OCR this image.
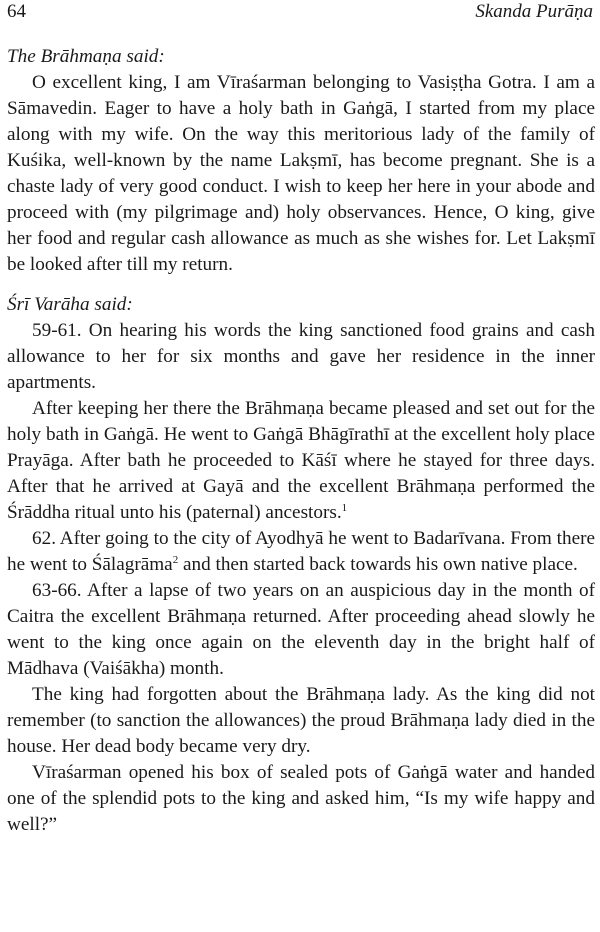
64	Skanda Purāṇa

The Brāhmaṇa said:

O excellent king, I am Vīraśarman belonging to Vasiṣṭha Gotra. I am a Sāmavedin. Eager to have a holy bath in Gaṅgā, I started from my place along with my wife. On the way this meritorious lady of the family of Kuśika, well-known by the name Lakṣmī, has become pregnant. She is a chaste lady of very good conduct. I wish to keep her here in your abode and proceed with (my pilgrimage and) holy observances. Hence, O king, give her food and regular cash allowance as much as she wishes for. Let Lakṣmī be looked after till my return.

Śrī Varāha said:

59-61. On hearing his words the king sanctioned food grains and cash allowance to her for six months and gave her residence in the inner apartments.

After keeping her there the Brāhmaṇa became pleased and set out for the holy bath in Gaṅgā. He went to Gaṅgā Bhāgīrathī at the excellent holy place Prayāga. After bath he proceeded to Kāśī where he stayed for three days. After that he arrived at Gayā and the excellent Brāhmaṇa performed the Śrāddha ritual unto his (paternal) ancestors.$^1$

62. After going to the city of Ayodhyā he went to Badarīvana. From there he went to Śālagrāma$^2$ and then started back towards his own native place.

63-66. After a lapse of two years on an auspicious day in the month of Caitra the excellent Brāhmaṇa returned. After proceeding ahead slowly he went to the king once again on the eleventh day in the bright half of Mādhava (Vaiśākha) month.

The king had forgotten about the Brāhmaṇa lady. As the king did not remember (to sanction the allowances) the proud Brāhmaṇa lady died in the house. Her dead body became very dry.

Vīraśarman opened his box of sealed pots of Gaṅgā water and handed one of the splendid pots to the king and asked him, “Is my wife happy and well?”
